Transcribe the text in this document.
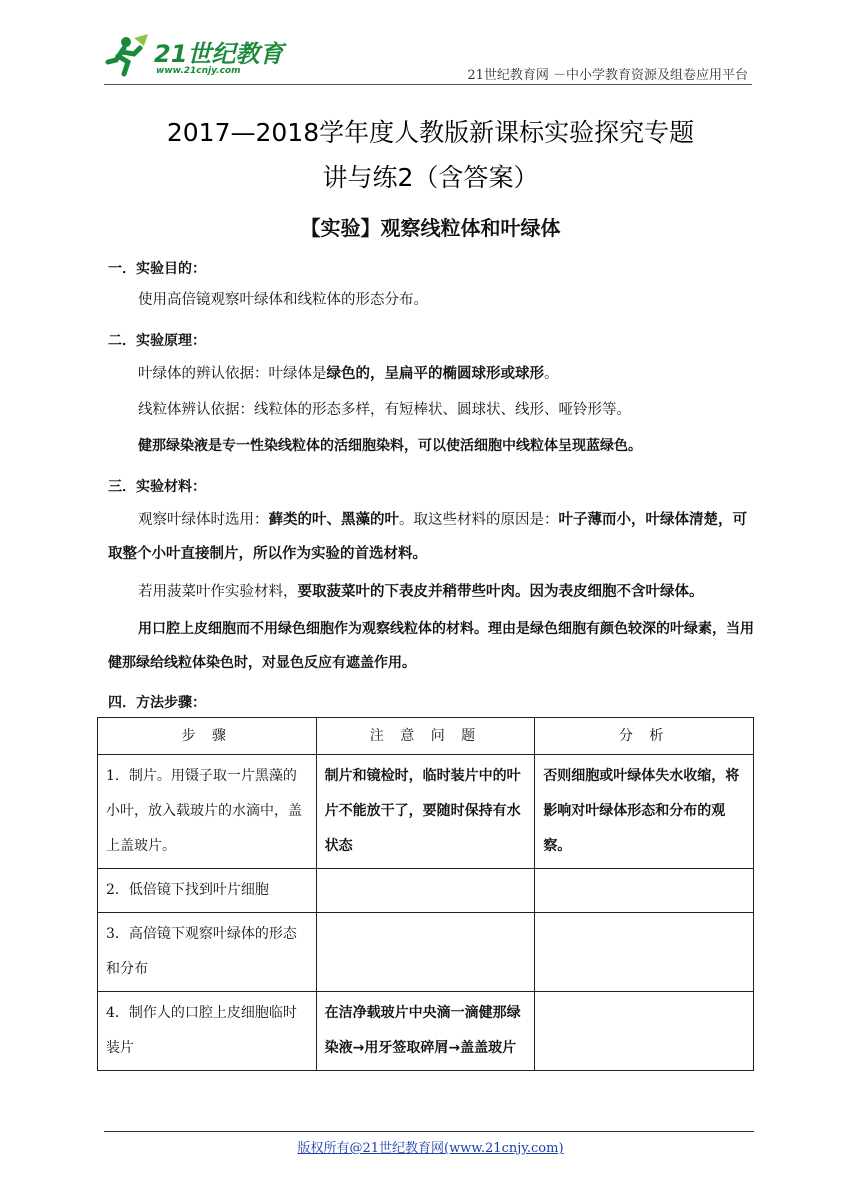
21世纪教育
www.21cnjy.com	21世纪教育网 －中小学教育资源及组卷应用平台
2017—2018学年度人教版新课标实验探究专题
讲与练2（含答案）
【实验】观察线粒体和叶绿体
一．实验目的：
使用高倍镜观察叶绿体和线粒体的形态分布。
二．实验原理：
叶绿体的辨认依据：叶绿体是绿色的，呈扁平的椭圆球形或球形。
线粒体辨认依据：线粒体的形态多样，有短棒状、圆球状、线形、哑铃形等。
健那绿染液是专一性染线粒体的活细胞染料，可以使活细胞中线粒体呈现蓝绿色。
三．实验材料：
观察叶绿体时选用：藓类的叶、黑藻的叶。取这些材料的原因是：叶子薄而小，叶绿体清楚，可取整个小叶直接制片，所以作为实验的首选材料。
若用菠菜叶作实验材料，要取菠菜叶的下表皮并稍带些叶肉。因为表皮细胞不含叶绿体。
用口腔上皮细胞而不用绿色细胞作为观察线粒体的材料。理由是绿色细胞有颜色较深的叶绿素，当用健那绿给线粒体染色时，对显色反应有遮盖作用。
四．方法步骤：
步 骤	注 意 问 题	分 析
1．制片。用镊子取一片黑藻的小叶，放入载玻片的水滴中，盖上盖玻片。	制片和镜检时，临时装片中的叶片不能放干了，要随时保持有水状态	否则细胞或叶绿体失水收缩，将影响对叶绿体形态和分布的观察。
2．低倍镜下找到叶片细胞		
3．高倍镜下观察叶绿体的形态和分布		
4．制作人的口腔上皮细胞临时装片	在洁净载玻片中央滴一滴健那绿染液→用牙签取碎屑→盖盖玻片	
版权所有@21世纪教育网(www.21cnjy.com)
